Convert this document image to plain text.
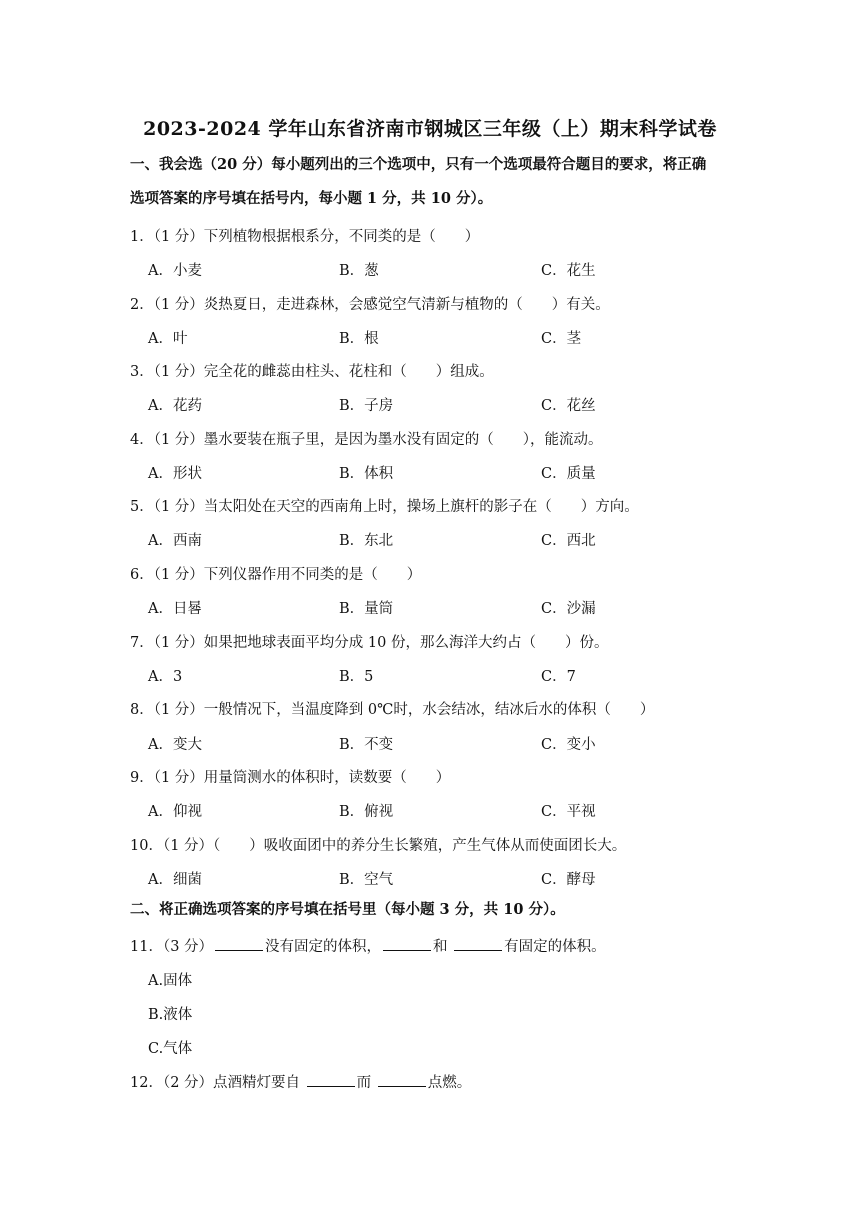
2023-2024 学年山东省济南市钢城区三年级（上）期末科学试卷
一、我会选（20 分）每小题列出的三个选项中，只有一个选项最符合题目的要求，将正确
选项答案的序号填在括号内，每小题 1 分，共 10 分）。
1．（1 分）下列植物根据根系分，不同类的是（　　）
A．小麦	B．葱	C．花生
2．（1 分）炎热夏日，走进森林，会感觉空气清新与植物的（　　）有关。
A．叶	B．根	C．茎
3．（1 分）完全花的雌蕊由柱头、花柱和（　　）组成。
A．花药	B．子房	C．花丝
4．（1 分）墨水要装在瓶子里，是因为墨水没有固定的（　　），能流动。
A．形状	B．体积	C．质量
5．（1 分）当太阳处在天空的西南角上时，操场上旗杆的影子在（　　）方向。
A．西南	B．东北	C．西北
6．（1 分）下列仪器作用不同类的是（　　）
A．日晷	B．量筒	C．沙漏
7．（1 分）如果把地球表面平均分成 10 份，那么海洋大约占（　　）份。
A．3	B．5	C．7
8．（1 分）一般情况下，当温度降到 0℃时，水会结冰，结冰后水的体积（　　）
A．变大	B．不变	C．变小
9．（1 分）用量筒测水的体积时，读数要（　　）
A．仰视	B．俯视	C．平视
10．（1 分）（　　）吸收面团中的养分生长繁殖，产生气体从而使面团长大。
A．细菌	B．空气	C．酵母
二、将正确选项答案的序号填在括号里（每小题 3 分，共 10 分）。
11．（3 分）	没有固定的体积，	和	有固定的体积。
A.固体
B.液体
C.气体
12．（2 分）点酒精灯要自	而	点燃。
